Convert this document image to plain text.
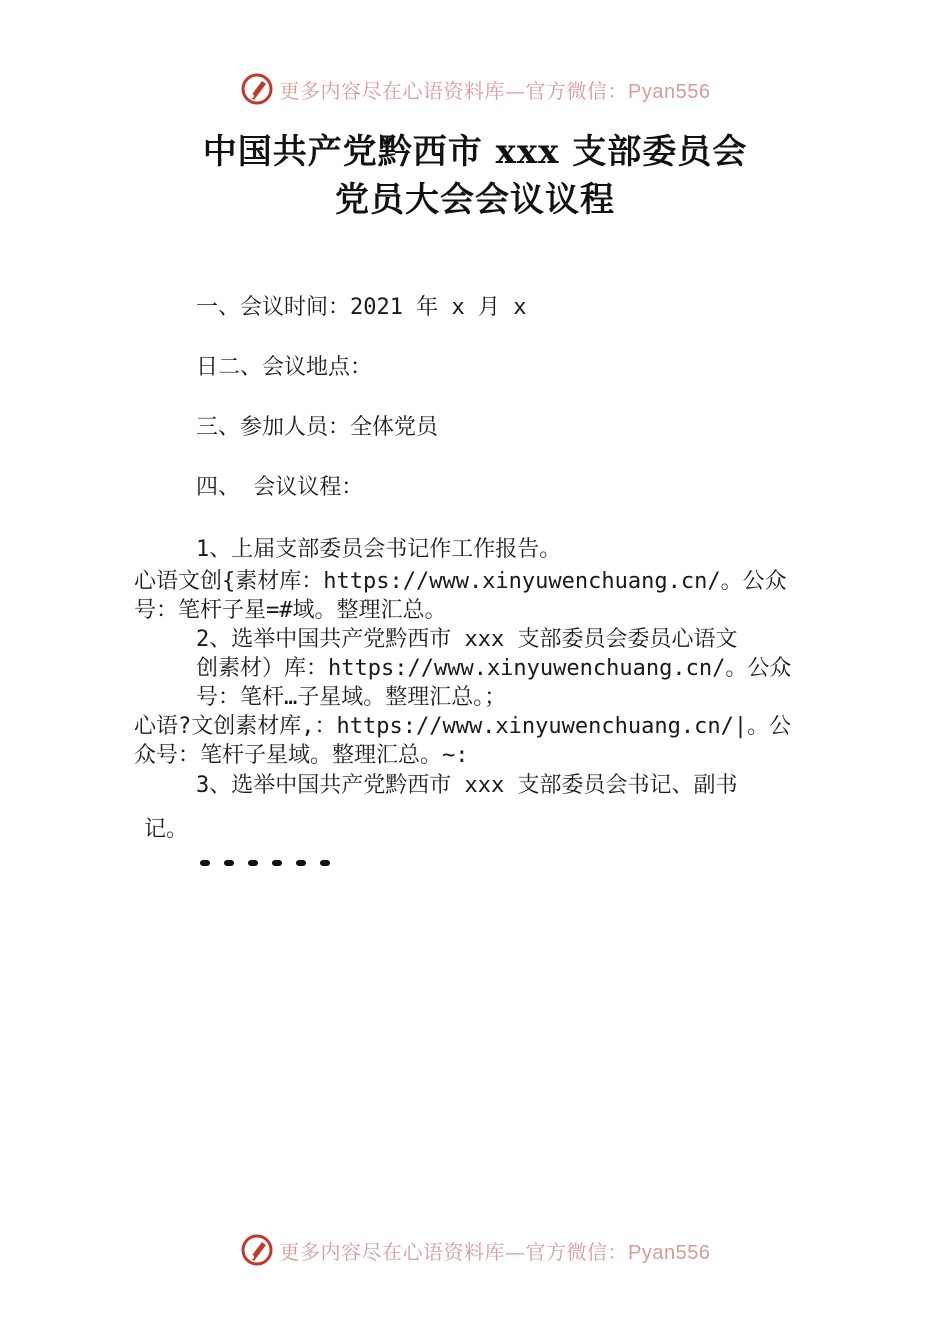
更多内容尽在心语资料库—官方微信：Pyan556
中国共产党黔西市 xxx 支部委员会
党员大会会议议程
一、会议时间：2021 年 x 月 x
日二、会议地点：
三、参加人员：全体党员
四、 会议议程：
1、上届支部委员会书记作工作报告。
心语文创{素材库：https://www.xinyuwenchuang.cn/。公众
号：笔杆子星=#域。整理汇总。
2、选举中国共产党黔西市 xxx 支部委员会委员心语文
创素材）库：https://www.xinyuwenchuang.cn/。公众
号：笔杆…子星域。整理汇总。；
心语?文创素材库,：https://www.xinyuwenchuang.cn/|。公
众号：笔杆子星域。整理汇总。~:
3、选举中国共产党黔西市 xxx 支部委员会书记、副书
记。
更多内容尽在心语资料库—官方微信：Pyan556
